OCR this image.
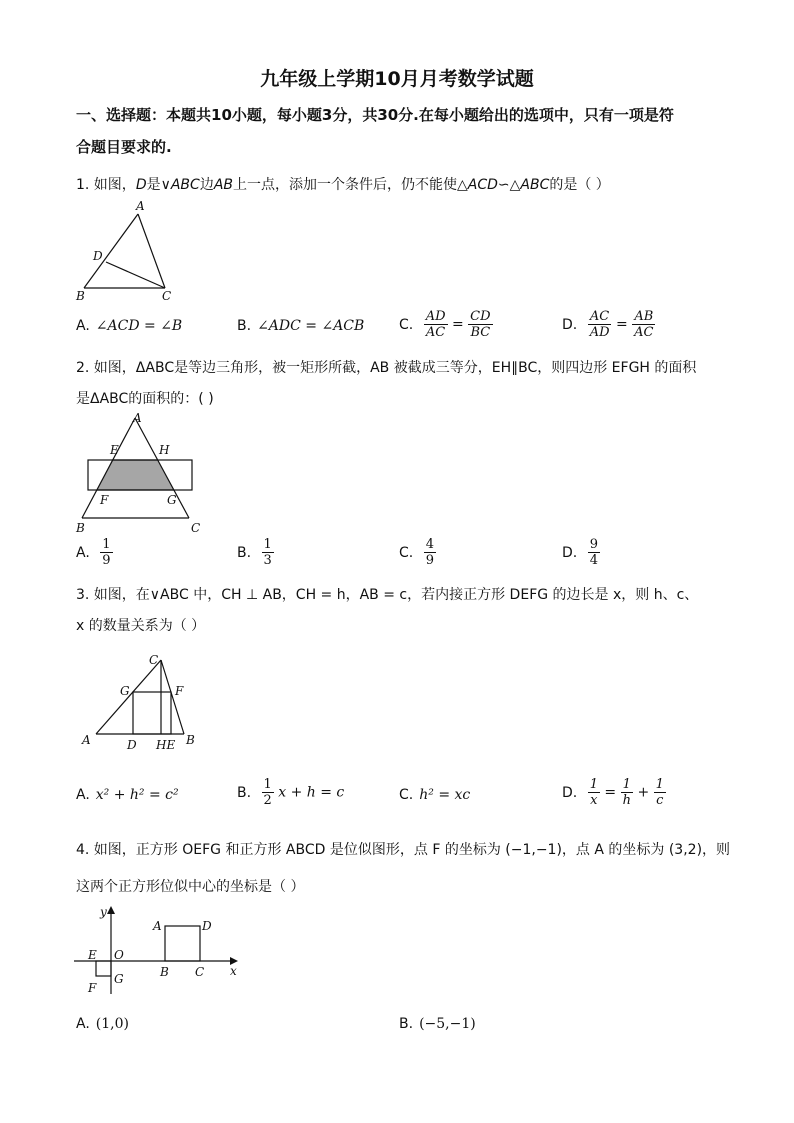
九年级上学期10月月考数学试题
一、选择题：本题共10小题，每小题3分，共30分.在每小题给出的选项中，只有一项是符
合题目要求的.
1. 如图，D是∨ABC边AB上一点，添加一个条件后，仍不能使△ACD∽△ABC的是（ ）
A
D
B	C
A. ∠ACD = ∠B	B. ∠ADC = ∠ACB C. $\frac{AD}{AC} = \frac{CD}{BC}$	D. $\frac{AC}{AD} = \frac{AB}{AC}$
2. 如图，ΔABC是等边三角形，被一矩形所截，AB 被截成三等分，EH∥BC，则四边形 EFGH 的面积
是ΔABC的面积的：( )
A
E	H
F	G
B	C
A. $\frac{1}{9}$	B. $\frac{1}{3}$	C. $\frac{4}{9}$	D. $\frac{9}{4}$
3. 如图，在∨ABC 中，CH ⊥ AB，CH = h，AB = c，若内接正方形 DEFG 的边长是 x，则 h、c、
x 的数量关系为（ ）
C
G	F
A	D HE B
A. x² + h² = c²	B. $\frac{1}{2}$ x + h = c	C. h² = xc	D. $\frac{1}{x} = \frac{1}{h} + \frac{1}{c}$
4. 如图，正方形 OEFG 和正方形 ABCD 是位似图形，点 F 的坐标为 (−1,−1)，点 A 的坐标为 (3,2)，则
这两个正方形位似中心的坐标是（ ）
y
x
O
E
F
G
A	D
B C
A. (1,0)	B. (−5,−1)
